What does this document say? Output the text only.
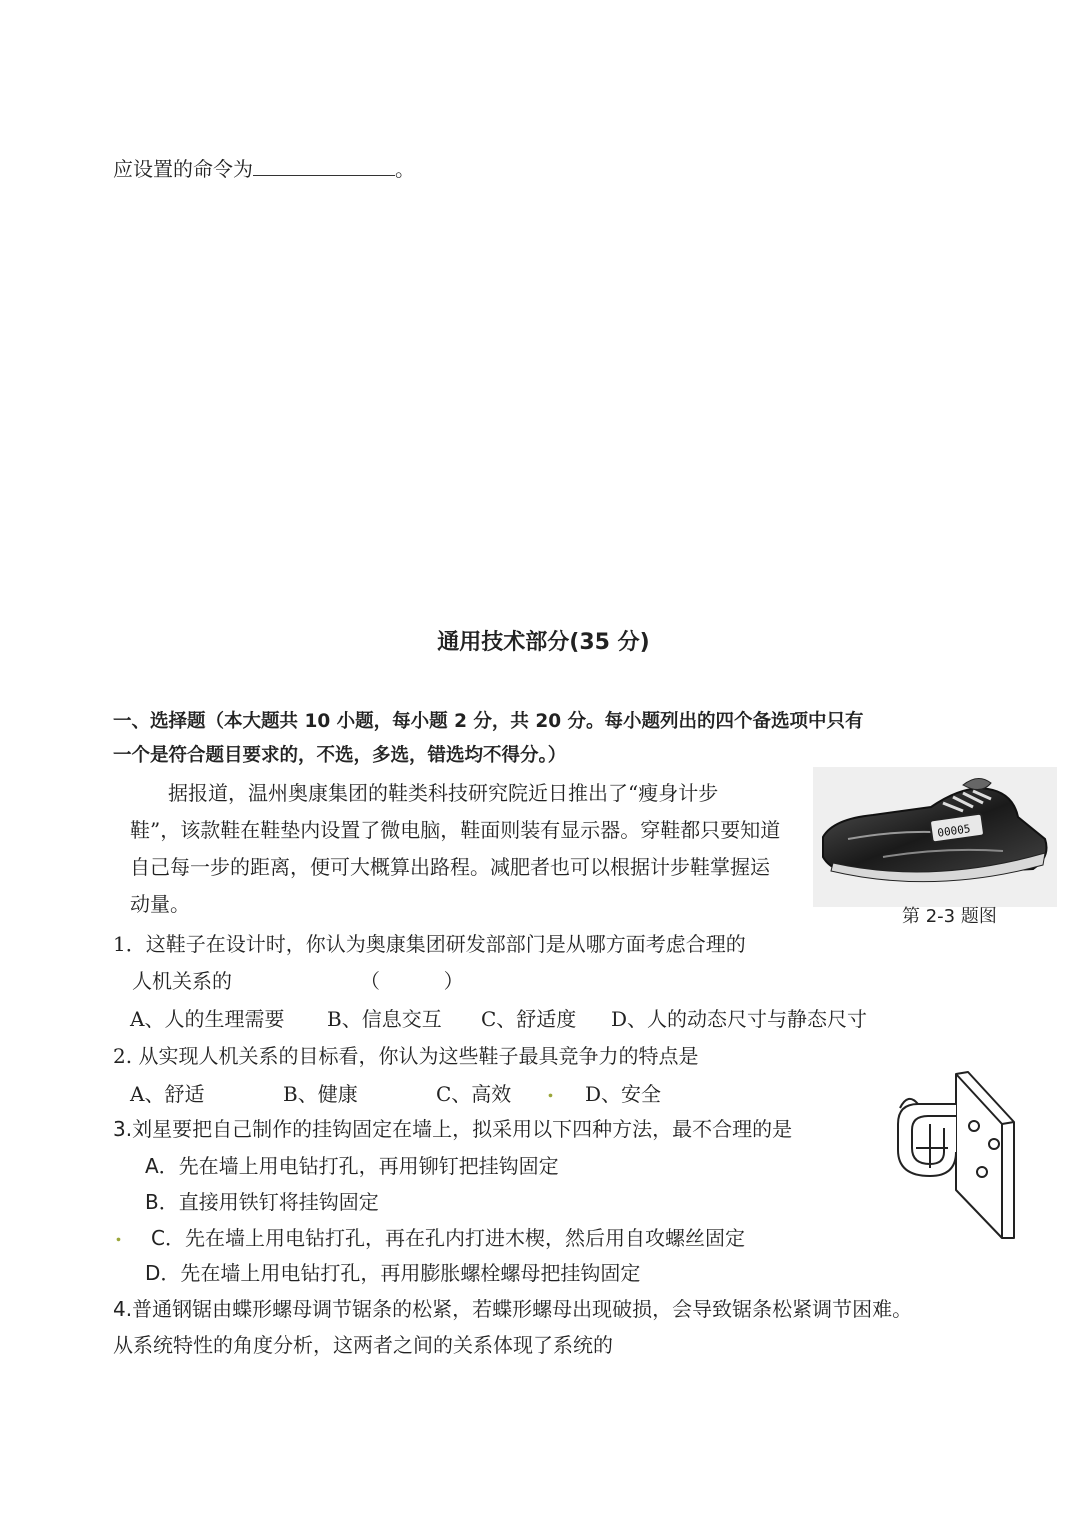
应设置的命令为	。
通用技术部分(35 分)
一、选择题（本大题共 10 小题，每小题 2 分，共 20 分。每小题列出的四个备选项中只有
一个是符合题目要求的，不选，多选，错选均不得分。）
据报道，温州奥康集团的鞋类科技研究院近日推出了“瘦身计步
鞋”，该款鞋在鞋垫内设置了微电脑，鞋面则装有显示器。穿鞋都只要知道
自己每一步的距离，便可大概算出路程。减肥者也可以根据计步鞋掌握运
动量。
00005
第 2-3 题图
1．这鞋子在设计时，你认为奥康集团研发部部门是从哪方面考虑合理的
人机关系的	（          ）
A、人的生理需要 B、信息交互 C、舒适度 D、人的动态尺寸与静态尺寸
2. 从实现人机关系的目标看，你认为这些鞋子最具竞争力的特点是
A、舒适	B、健康	C、高效 . D、安全
3.刘星要把自己制作的挂钩固定在墙上，拟采用以下四种方法，最不合理的是
A．先在墙上用电钻打孔，再用铆钉把挂钩固定
B．直接用铁钉将挂钩固定
. C．先在墙上用电钻打孔，再在孔内打进木楔，然后用自攻螺丝固定
D．先在墙上用电钻打孔，再用膨胀螺栓螺母把挂钩固定
4.普通钢锯由蝶形螺母调节锯条的松紧，若蝶形螺母出现破损，会导致锯条松紧调节困难。
从系统特性的角度分析，这两者之间的关系体现了系统的
